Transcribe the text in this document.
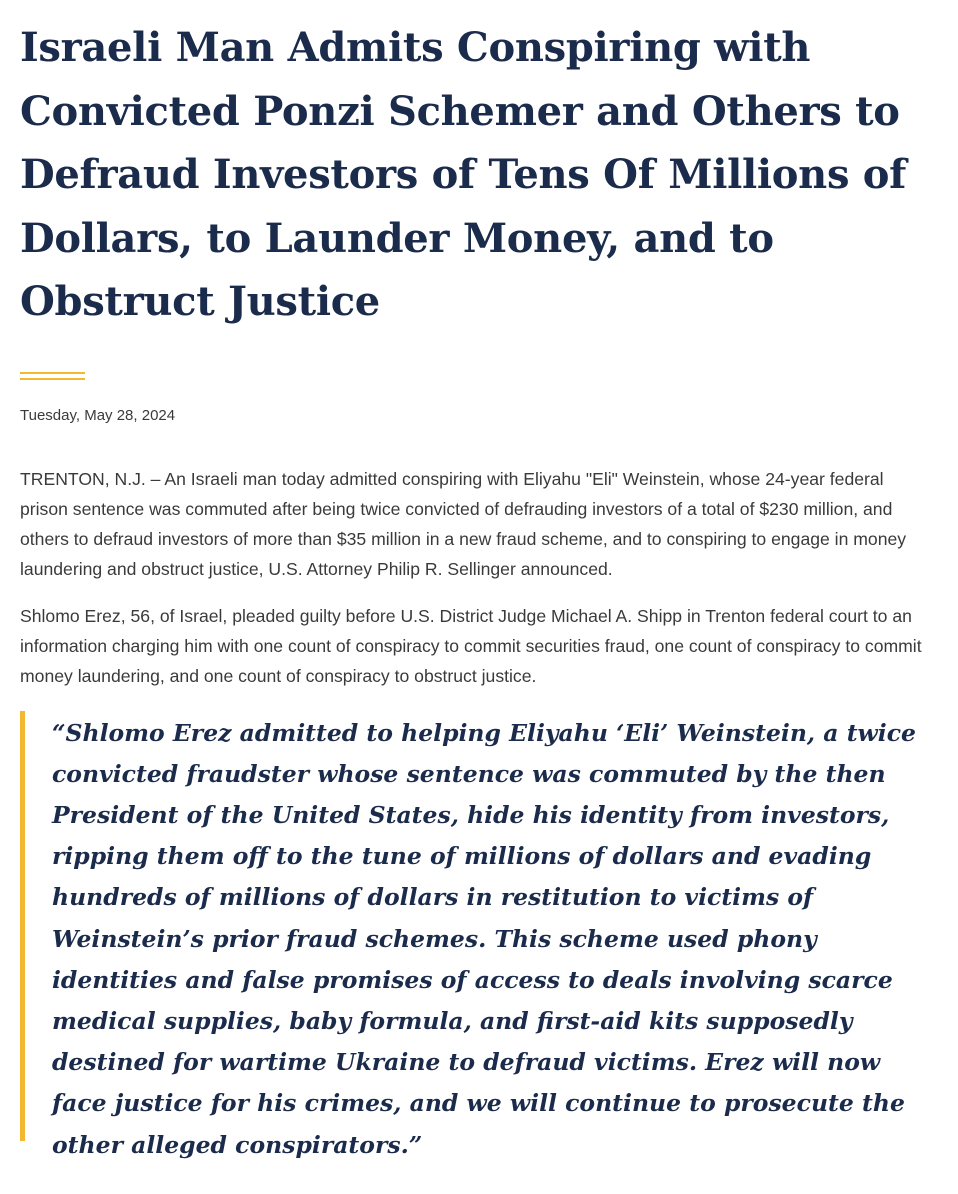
Israeli Man Admits Conspiring with Convicted Ponzi Schemer and Others to Defraud Investors of Tens Of Millions of Dollars, to Launder Money, and to Obstruct Justice
Tuesday, May 28, 2024

TRENTON, N.J. – An Israeli man today admitted conspiring with Eliyahu "Eli" Weinstein, whose 24-year federal prison sentence was commuted after being twice convicted of defrauding investors of a total of $230 million, and others to defraud investors of more than $35 million in a new fraud scheme, and to conspiring to engage in money laundering and obstruct justice, U.S. Attorney Philip R. Sellinger announced.

Shlomo Erez, 56, of Israel, pleaded guilty before U.S. District Judge Michael A. Shipp in Trenton federal court to an information charging him with one count of conspiracy to commit securities fraud, one count of conspiracy to commit money laundering, and one count of conspiracy to obstruct justice.

“Shlomo Erez admitted to helping Eliyahu ‘Eli’ Weinstein, a twice convicted fraudster whose sentence was commuted by the then President of the United States, hide his identity from investors, ripping them off to the tune of millions of dollars and evading hundreds of millions of dollars in restitution to victims of Weinstein’s prior fraud schemes. This scheme used phony identities and false promises of access to deals involving scarce medical supplies, baby formula, and first-aid kits supposedly destined for wartime Ukraine to defraud victims. Erez will now face justice for his crimes, and we will continue to prosecute the other alleged conspirators.”
